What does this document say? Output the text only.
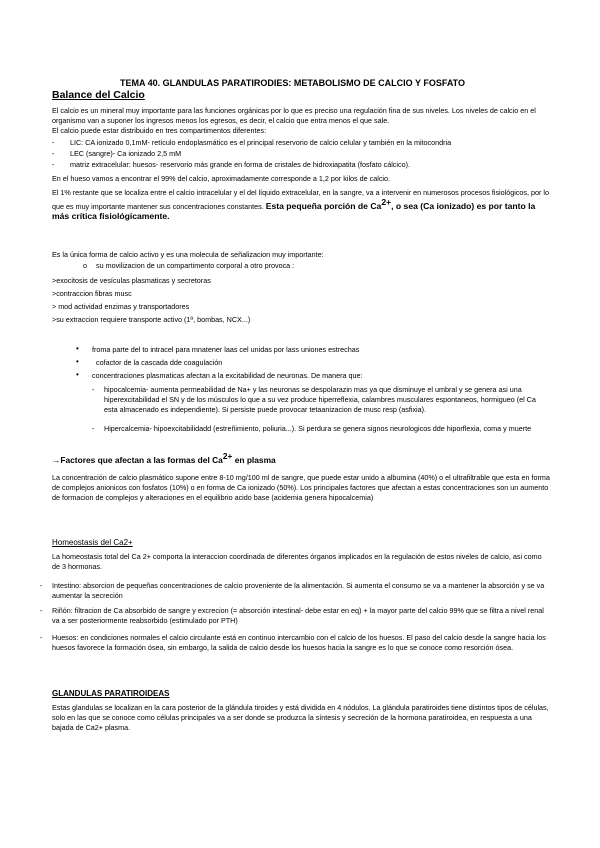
TEMA 40. GLANDULAS PARATIRODIES: METABOLISMO DE CALCIO Y FOSFATO
Balance del Calcio
El calcio es un mineral muy importante para las funciones orgánicas por lo que es preciso una regulación fina de sus niveles. Los niveles de calcio en el organismo van a suponer los ingresos menos los egresos, es decir, el calcio que entra menos el que sale.
El calcio puede estar distribuido en tres compartimentos diferentes:
- LIC: CA ionizado 0,1mM- retículo endoplasmático es el principal reservorio de calcio celular y también en la mitocondria
- LEC (sangre)- Ca ionizado 2,5 mM
- matriz extracelular: huesos- reservorio más grande en forma de cristales de hidroxiapatita (fosfato cálcico).
En el hueso vamos a encontrar el 99% del calcio, aproximadamente corresponde a 1,2 por kilos de calcio.
El 1% restante que se localiza entre el calcio intracelular y el del líquido extracelular, en la sangre, va a intervenir en numerosos procesos fisiológicos, por lo que es muy importante mantener sus concentraciones constantes. Esta pequeña porción de $Ca^{2+}$, o sea (Ca ionizado) es por tanto la más crítica fisiológicamente.
Es la única forma de calcio activo y es una molecula de señalizacion muy importante:
o su movilizacion de un compartimento corporal a otro provoca :
>exocitosis de vesículas plasmaticas y secretoras
>contraccion fibras musc
> mod actividad enzimas y transportadores
>su extraccion requiere transporte activo (1ª, bombas, NCX...)
• froma parte del to intracel para mnatener laas cel unidas por lass uniones estrechas
• cofactor de la cascada dde coagulación
• concentraciones plasmaticas afectan a la excitabilidad de neuronas. De manera que:
- hipocalcemia- aumenta permeabilidad de Na+ y las neuronas se despolarazin mas ya que disminuye el umbral y se genera asi una hiperexcitabilidad el SN y de los músculos lo que a su vez produce hiperreflexia, calambres musculares espontaneos, hormigueo (el Ca esta almacenado es independiente). Si persiste puede provocar tetaanizacion de musc resp (asfixia).
- Hipercalcemia- hipoexcitabilidadd (estreñimiento, poliuria...). Si perdura se genera signos neurologicos dde hiporflexia, coma y muerte
→Factores que afectan a las formas del $Ca^{2+}$ en plasma
La concentración de calcio plasmático supone entre 8-10 mg/100 ml de sangre, que puede estar unido a albumina (40%) o el ultrafiltrable que esta en forma de complejos anionicos con fosfatos (10%) o en forma de Ca ionizado (50%). Los principales factores que afectan a estas concentraciones son un aumento de formacion de complejos y alteraciones en el equilibrio acido base (acidemia genera hipocalcemia)
Homeostasis del Ca2+
La homeostasis total del Ca 2+ comporta la interaccion coordinada de diferentes órganos implicados en la regulación de estos niveles de calcio, asi como de 3 hormonas.
- Intestino: absorcion de pequeñas concentraciones de calcio proveniente de la alimentación. Si aumenta el consumo se va a mantener la absorción y se va aumentar la secreción
- Riñón: filtracion de Ca absorbido de sangre y excrecion (= absorción intestinal- debe estar en eq) + la mayor parte del calcio 99% que se filtra a nivel renal va a ser posteriormente reabsorbido (estimulado por PTH)
- Huesos: en condiciones normales el calcio circulante está en continuo intercambio con el calcio de los huesos. El paso del calcio desde la sangre hacia los huesos favorece la formación ósea, sin embargo, la salida de calcio desde los huesos hacia la sangre es lo que se conoce como resorción ósea.
GLANDULAS PARATIROIDEAS
Estas glandulas se localizan en la cara posterior de la glándula tiroides y está dividida en 4 nódulos. La glándula paratiroides tiene distintos tipos de células, solo en las que se conoce como células principales va a ser donde se produzca la síntesis y secreción de la hormona paratiroidea, en respuesta a una bajada de Ca2+ plasma.
